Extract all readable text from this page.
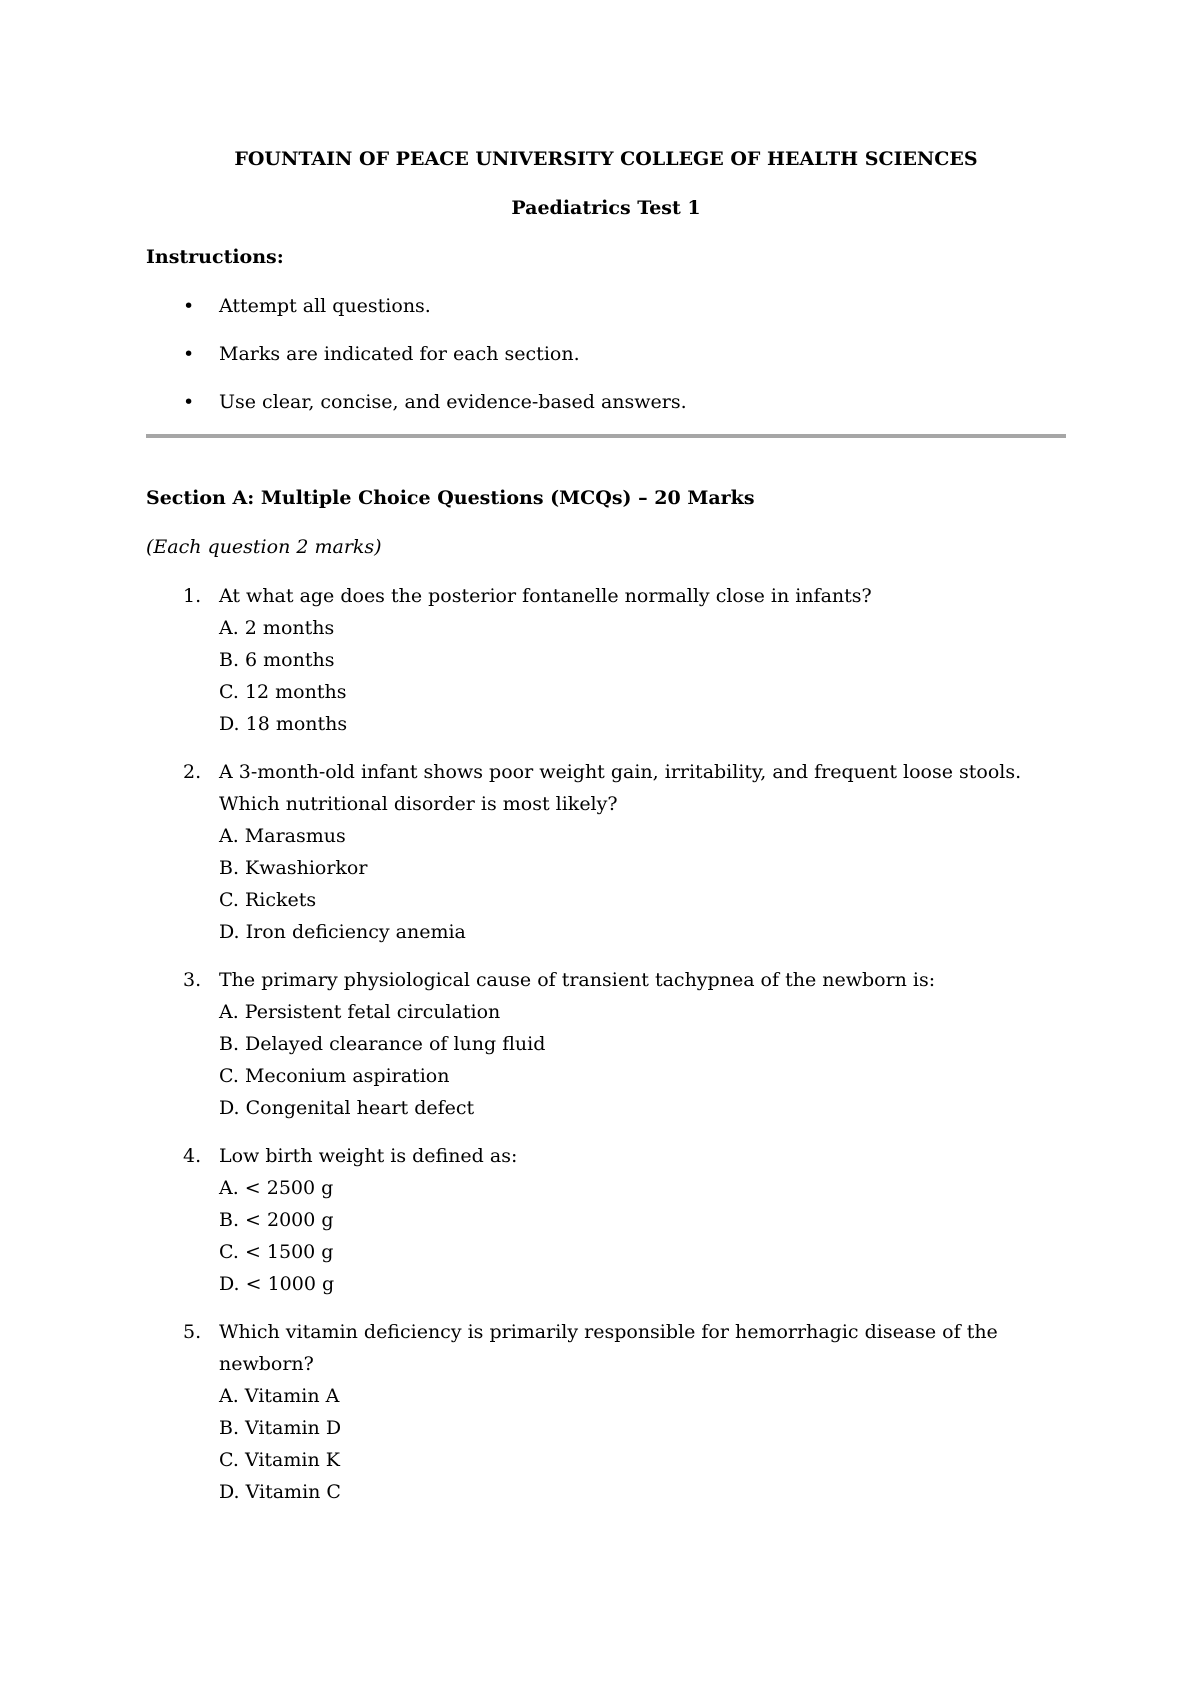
FOUNTAIN OF PEACE UNIVERSITY COLLEGE OF HEALTH SCIENCES
Paediatrics Test 1
Instructions:
• Attempt all questions.
• Marks are indicated for each section.
• Use clear, concise, and evidence-based answers.
Section A: Multiple Choice Questions (MCQs) – 20 Marks
(Each question 2 marks)
1. At what age does the posterior fontanelle normally close in infants?
A. 2 months
B. 6 months
C. 12 months
D. 18 months
2. A 3-month-old infant shows poor weight gain, irritability, and frequent loose stools. Which nutritional disorder is most likely?
A. Marasmus
B. Kwashiorkor
C. Rickets
D. Iron deficiency anemia
3. The primary physiological cause of transient tachypnea of the newborn is:
A. Persistent fetal circulation
B. Delayed clearance of lung fluid
C. Meconium aspiration
D. Congenital heart defect
4. Low birth weight is defined as:
A. < 2500 g
B. < 2000 g
C. < 1500 g
D. < 1000 g
5. Which vitamin deficiency is primarily responsible for hemorrhagic disease of the newborn?
A. Vitamin A
B. Vitamin D
C. Vitamin K
D. Vitamin C
